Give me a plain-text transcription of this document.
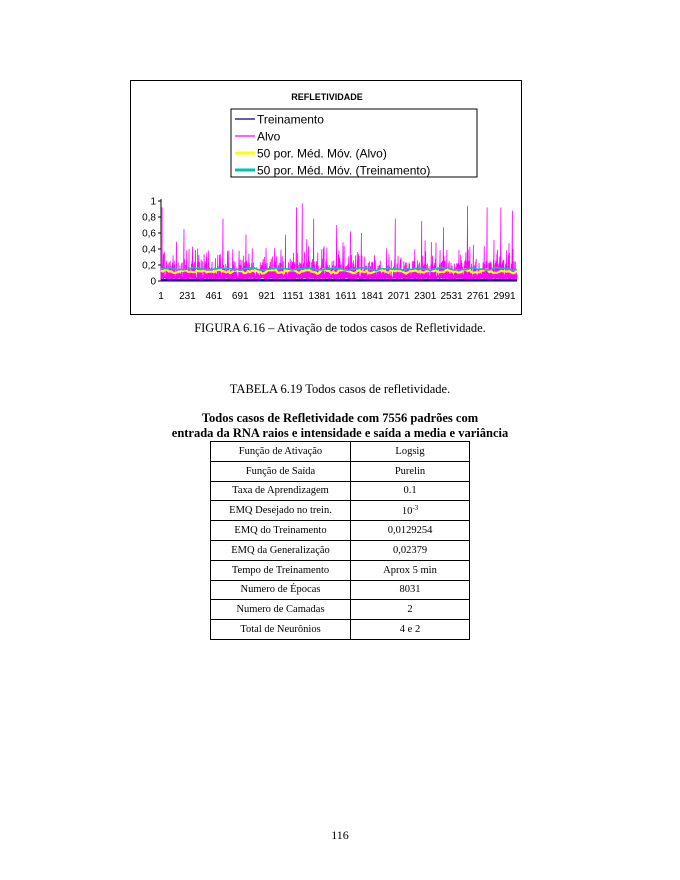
REFLETIVIDADE
Treinamento
Alvo
50 por. Méd. Móv. (Alvo)
50 por. Méd. Móv. (Treinamento)
0
0,2
0,4
0,6
0,8
1
1 231 461 691 921 1151 1381 1611 1841 2071 2301 2531 2761 2991
FIGURA 6.16 – Ativação de todos casos de Refletividade.
TABELA 6.19 Todos casos de refletividade.
Todos casos de Refletividade com 7556 padrões com
entrada da RNA raios e intensidade e saída a media e variância
Função de Ativação	Logsig
Função de Saída	Purelin
Taxa de Aprendizagem	0.1
EMQ Desejado no trein.	$10^{-3}$
EMQ do Treinamento	0,0129254
EMQ da Generalização	0,02379
Tempo de Treinamento	Aprox 5 min
Numero de Épocas	8031
Numero de Camadas	2
Total de Neurônios	4 e 2
116
